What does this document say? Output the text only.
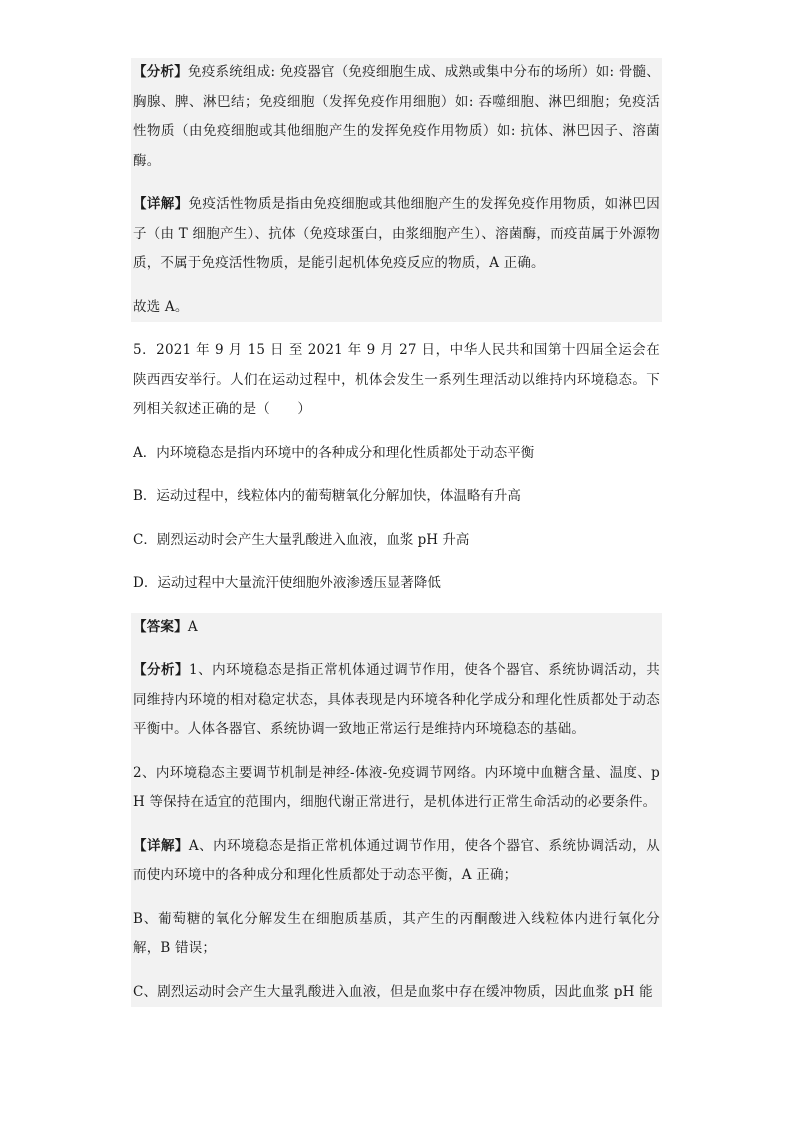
【分析】免疫系统组成: 免疫器官（免疫细胞生成、成熟或集中分布的场所）如: 骨髓、胸腺、脾、淋巴结；免疫细胞（发挥免疫作用细胞）如: 吞噬细胞、淋巴细胞；免疫活性物质（由免疫细胞或其他细胞产生的发挥免疫作用物质）如: 抗体、淋巴因子、溶菌酶。

【详解】免疫活性物质是指由免疫细胞或其他细胞产生的发挥免疫作用物质，如淋巴因子（由 T 细胞产生）、抗体（免疫球蛋白，由浆细胞产生）、溶菌酶，而疫苗属于外源物质，不属于免疫活性物质，是能引起机体免疫反应的物质，A 正确。

故选 A。

5．2021 年 9 月 15 日 至 2021 年 9 月 27 日，中华人民共和国第十四届全运会在陕西西安举行。人们在运动过程中，机体会发生一系列生理活动以维持内环境稳态。下列相关叙述正确的是（　　）

A．内环境稳态是指内环境中的各种成分和理化性质都处于动态平衡

B．运动过程中，线粒体内的葡萄糖氧化分解加快，体温略有升高

C．剧烈运动时会产生大量乳酸进入血液，血浆 pH 升高

D．运动过程中大量流汗使细胞外液渗透压显著降低

【答案】A

【分析】1、内环境稳态是指正常机体通过调节作用，使各个器官、系统协调活动，共同维持内环境的相对稳定状态，具体表现是内环境各种化学成分和理化性质都处于动态平衡中。人体各器官、系统协调一致地正常运行是维持内环境稳态的基础。

2、内环境稳态主要调节机制是神经-体液-免疫调节网络。内环境中血糖含量、温度、pH 等保持在适宜的范围内，细胞代谢正常进行，是机体进行正常生命活动的必要条件。

【详解】A、内环境稳态是指正常机体通过调节作用，使各个器官、系统协调活动，从而使内环境中的各种成分和理化性质都处于动态平衡，A 正确；

B、葡萄糖的氧化分解发生在细胞质基质，其产生的丙酮酸进入线粒体内进行氧化分解，B 错误；

C、剧烈运动时会产生大量乳酸进入血液，但是血浆中存在缓冲物质，因此血浆 pH 能
